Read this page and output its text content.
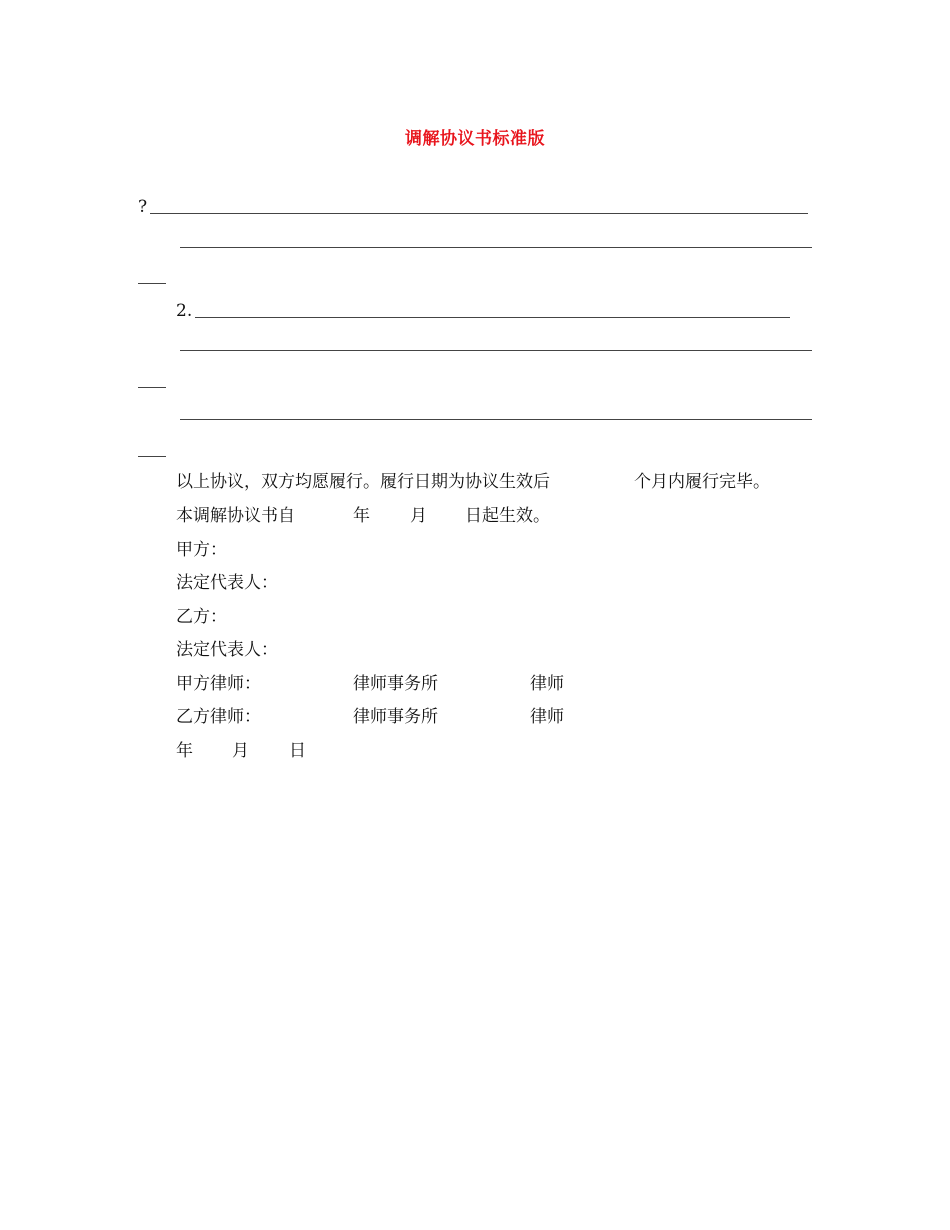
调解协议书标准版
?
2.
以上协议，双方均愿履行。履行日期为协议生效后	个月内履行完毕。
本调解协议书自	年 月 日起生效。
甲方：
法定代表人：
乙方：
法定代表人：
甲方律师：	律师事务所	律师
乙方律师：	律师事务所	律师
年 月 日
